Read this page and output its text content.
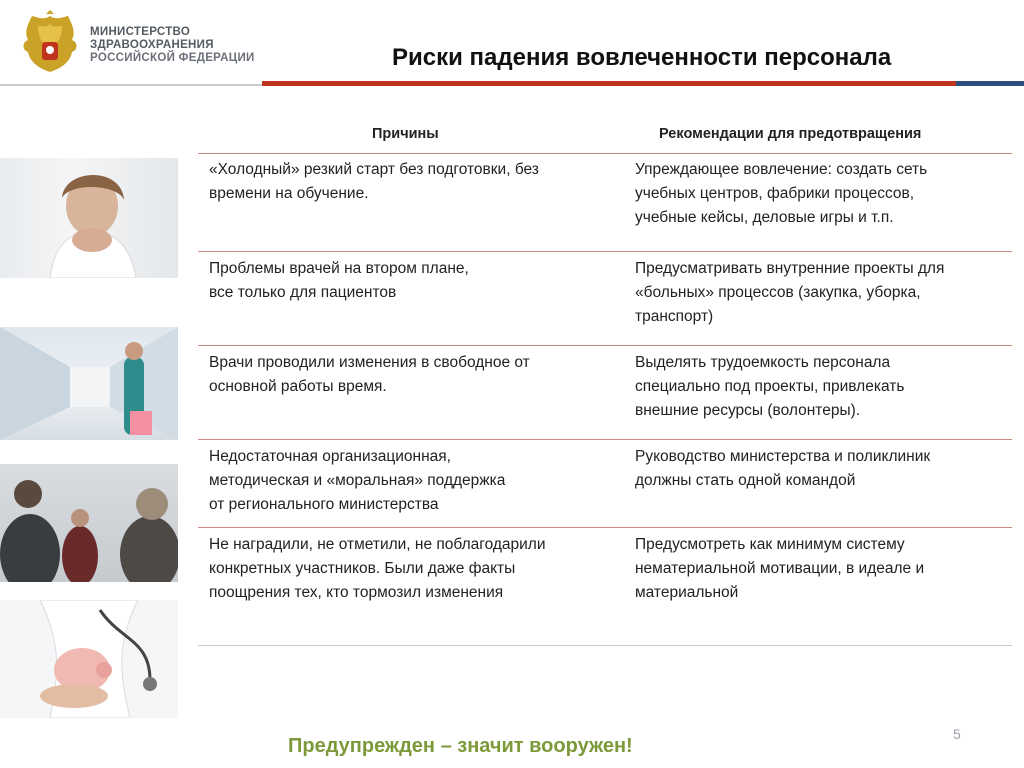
МИНИСТЕРСТВО
ЗДРАВООХРАНЕНИЯ
РОССИЙСКОЙ ФЕДЕРАЦИИ	Риски падения вовлеченности персонала
Причины	Рекомендации для предотвращения
«Холодный» резкий старт без подготовки, без
времени на обучение.
Упреждающее вовлечение: создать сеть
учебных центров, фабрики процессов,
учебные кейсы, деловые игры и т.п.
Проблемы врачей на втором плане,
все только для пациентов
Предусматривать внутренние проекты для
«больных» процессов (закупка, уборка,
транспорт)
Врачи проводили изменения в свободное от
основной работы время.
Выделять трудоемкость персонала
специально под проекты, привлекать
внешние ресурсы (волонтеры).
Недостаточная организационная,
методическая и «моральная» поддержка
от регионального министерства
Руководство министерства и поликлиник
должны стать одной командой
Не наградили, не отметили, не поблагодарили
конкретных участников. Были даже факты
поощрения тех, кто тормозил изменения
Предусмотреть как минимум систему
нематериальной мотивации, в идеале и
материальной
5
Предупрежден – значит вооружен!
